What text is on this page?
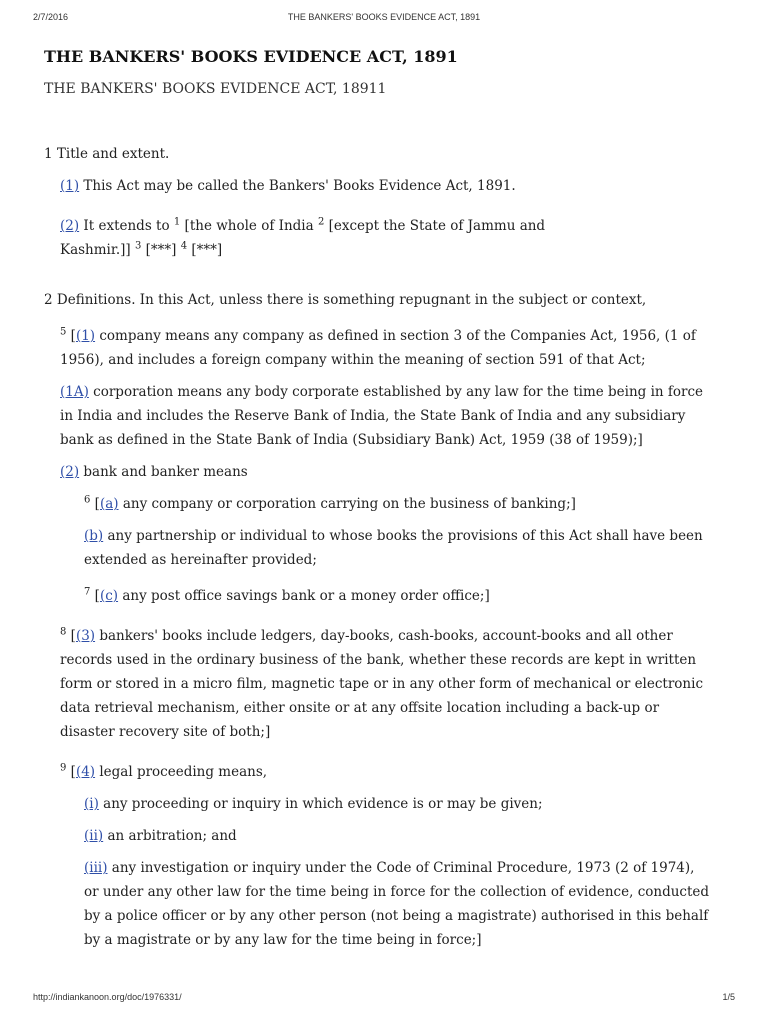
2/7/2016	THE BANKERS' BOOKS EVIDENCE ACT, 1891
THE BANKERS' BOOKS EVIDENCE ACT, 1891

THE BANKERS' BOOKS EVIDENCE ACT, 18911

1 Title and extent.

(1) This Act may be called the Bankers' Books Evidence Act, 1891.

(2) It extends to $^1$ [the whole of India $^2$ [except the State of Jammu and
Kashmir.]] $^3$ [***] $^4$ [***]

2 Definitions. In this Act, unless there is something repugnant in the subject or context,

$^5$ [(1) company means any company as defined in section 3 of the Companies Act, 1956, (1 of
1956), and includes a foreign company within the meaning of section 591 of that Act;

(1A) corporation means any body corporate established by any law for the time being in force
in India and includes the Reserve Bank of India, the State Bank of India and any subsidiary
bank as defined in the State Bank of India (Subsidiary Bank) Act, 1959 (38 of 1959);]

(2) bank and banker means

$^6$ [(a) any company or corporation carrying on the business of banking;]

(b) any partnership or individual to whose books the provisions of this Act shall have been
extended as hereinafter provided;

$^7$ [(c) any post office savings bank or a money order office;]

$^8$ [(3) bankers' books include ledgers, day-books, cash-books, account-books and all other
records used in the ordinary business of the bank, whether these records are kept in written
form or stored in a micro film, magnetic tape or in any other form of mechanical or electronic
data retrieval mechanism, either onsite or at any offsite location including a back-up or
disaster recovery site of both;]

$^9$ [(4) legal proceeding means,

(i) any proceeding or inquiry in which evidence is or may be given;

(ii) an arbitration; and

(iii) any investigation or inquiry under the Code of Criminal Procedure, 1973 (2 of 1974),
or under any other law for the time being in force for the collection of evidence, conducted
by a police officer or by any other person (not being a magistrate) authorised in this behalf
by a magistrate or by any law for the time being in force;]

http://indiankanoon.org/doc/1976331/	1/5
